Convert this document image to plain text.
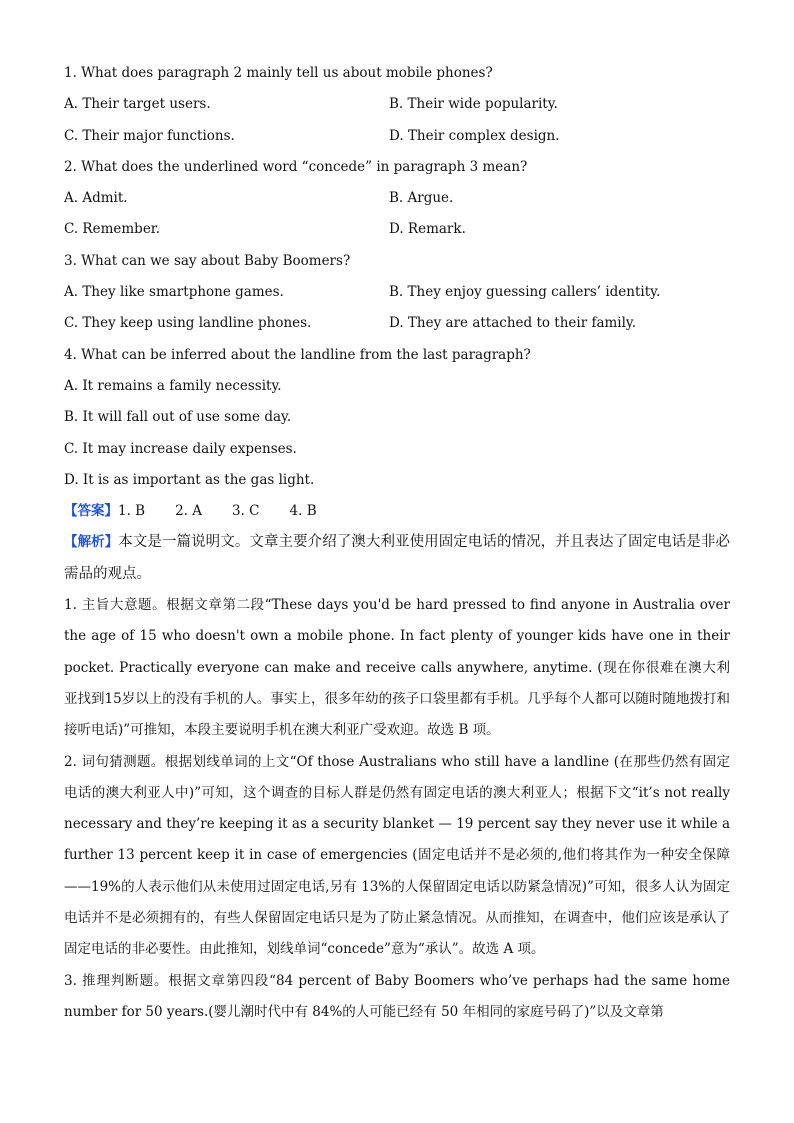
1. What does paragraph 2 mainly tell us about mobile phones?
A. Their target users.	B. Their wide popularity.
C. Their major functions.	D. Their complex design.
2. What does the underlined word “concede” in paragraph 3 mean?
A. Admit.	B. Argue.
C. Remember.	D. Remark.
3. What can we say about Baby Boomers?
A. They like smartphone games.	B. They enjoy guessing callers’ identity.
C. They keep using landline phones.	D. They are attached to their family.
4. What can be inferred about the landline from the last paragraph?
A. It remains a family necessity.
B. It will fall out of use some day.
C. It may increase daily expenses.
D. It is as important as the gas light.
【答案】1. B 2. A 3. C 4. B
【解析】本文是一篇说明文。文章主要介绍了澳大利亚使用固定电话的情况，并且表达了固定电话是非必需品的观点。
1. 主旨大意题。根据文章第二段“These days you'd be hard pressed to find anyone in Australia over the age of 15 who doesn't own a mobile phone. In fact plenty of younger kids have one in their pocket. Practically everyone can make and receive calls anywhere, anytime. (现在你很难在澳大利亚找到15岁以上的没有手机的人。事实上，很多年幼的孩子口袋里都有手机。几乎每个人都可以随时随地拨打和接听电话)”可推知，本段主要说明手机在澳大利亚广受欢迎。故选 B 项。
2. 词句猜测题。根据划线单词的上文“Of those Australians who still have a landline (在那些仍然有固定电话的澳大利亚人中)”可知，这个调查的目标人群是仍然有固定电话的澳大利亚人；根据下文“it’s not really necessary and they’re keeping it as a security blanket — 19 percent say they never use it while a further 13 percent keep it in case of emergencies (固定电话并不是必须的,他们将其作为一种安全保障——19%的人表示他们从未使用过固定电话,另有 13%的人保留固定电话以防紧急情况)”可知，很多人认为固定电话并不是必须拥有的，有些人保留固定电话只是为了防止紧急情况。从而推知，在调查中，他们应该是承认了固定电话的非必要性。由此推知，划线单词“concede”意为“承认”。故选 A 项。
3. 推理判断题。根据文章第四段“84 percent of Baby Boomers who’ve perhaps had the same home number for 50 years.(婴儿潮时代中有 84%的人可能已经有 50 年相同的家庭号码了)”以及文章第
